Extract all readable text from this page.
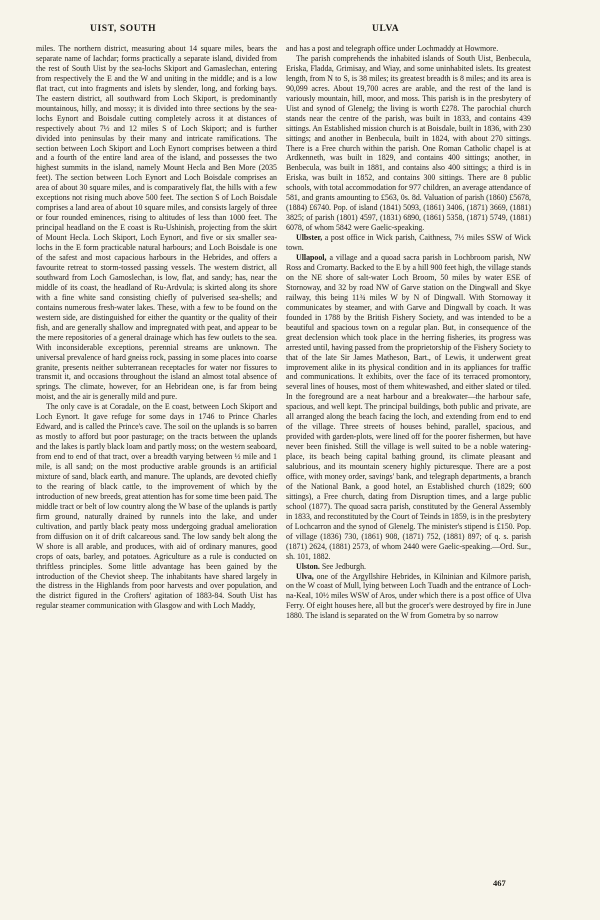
UIST, SOUTH	ULVA

miles. The northern district, measuring about 14 square miles, bears the separate name of Iachdar; forms practically a separate island, divided from the rest of South Uist by the sea-lochs Skiport and Gamaslechan, entering from respectively the E and the W and uniting in the middle; and is a low flat tract, cut into fragments and islets by slender, long, and forking bays. The eastern district, all southward from Loch Skiport, is predominantly mountainous, hilly, and mossy; it is divided into three sections by the sea-lochs Eynort and Boisdale cutting completely across it at distances of respectively about 7½ and 12 miles S of Loch Skiport; and is further divided into peninsulas by their many and intricate ramifications. The section between Loch Skiport and Loch Eynort comprises between a third and a fourth of the entire land area of the island, and possesses the two highest summits in the island, namely Mount Hecla and Ben More (2035 feet). The section between Loch Eynort and Loch Boisdale comprises an area of about 30 square miles, and is comparatively flat, the hills with a few exceptions not rising much above 500 feet. The section S of Loch Boisdale comprises a land area of about 10 square miles, and consists largely of three or four rounded eminences, rising to altitudes of less than 1000 feet. The principal headland on the E coast is Ru-Ushinish, projecting from the skirt of Mount Hecla. Loch Skiport, Loch Eynort, and five or six smaller sea-lochs in the E form practicable natural harbours; and Loch Boisdale is one of the safest and most capacious harbours in the Hebrides, and offers a favourite retreat to storm-tossed passing vessels. The western district, all southward from Loch Gamoslechan, is low, flat, and sandy; has, near the middle of its coast, the headland of Ru-Ardvula; is skirted along its shore with a fine white sand consisting chiefly of pulverised sea-shells; and contains numerous fresh-water lakes. These, with a few to be found on the western side, are distinguished for either the quantity or the quality of their fish, and are generally shallow and impregnated with peat, and appear to be the mere repositories of a general drainage which has few outlets to the sea. With inconsiderable exceptions, perennial streams are unknown. The universal prevalence of hard gneiss rock, passing in some places into coarse granite, presents neither subterranean receptacles for water nor fissures to transmit it, and occasions throughout the island an almost total absence of springs. The climate, however, for an Hebridean one, is far from being moist, and the air is generally mild and pure.

The only cave is at Coradale, on the E coast, between Loch Skiport and Loch Eynort. It gave refuge for some days in 1746 to Prince Charles Edward, and is called the Prince's cave. The soil on the uplands is so barren as mostly to afford but poor pasturage; on the tracts between the uplands and the lakes is partly black loam and partly moss; on the western seaboard, from end to end of that tract, over a breadth varying between ½ mile and 1 mile, is all sand; on the most productive arable grounds is an artificial mixture of sand, black earth, and manure. The uplands, are devoted chiefly to the rearing of black cattle, to the improvement of which by the introduction of new breeds, great attention has for some time been paid. The middle tract or belt of low country along the W base of the uplands is partly firm ground, naturally drained by runnels into the lake, and under cultivation, and partly black peaty moss undergoing gradual amelioration from diffusion on it of drift calcareous sand. The low sandy belt along the W shore is all arable, and produces, with aid of ordinary manures, good crops of oats, barley, and potatoes. Agriculture as a rule is conducted on thriftless principles. Some little advantage has been gained by the introduction of the Cheviot sheep. The inhabitants have shared largely in the distress in the Highlands from poor harvests and over population, and the district figured in the Crofters' agitation of 1883-84. South Uist has regular steamer communication with Glasgow and with Loch Maddy,

and has a post and telegraph office under Lochmaddy at Howmore.

The parish comprehends the inhabited islands of South Uist, Benbecula, Eriska, Fladda, Grimisay, and Wiay, and some uninhabited islets. Its greatest length, from N to S, is 38 miles; its greatest breadth is 8 miles; and its area is 90,099 acres. About 19,700 acres are arable, and the rest of the land is variously mountain, hill, moor, and moss. This parish is in the presbytery of Uist and synod of Glenelg; the living is worth £278. The parochial church stands near the centre of the parish, was built in 1833, and contains 439 sittings. An Established mission church is at Boisdale, built in 1836, with 230 sittings; and another in Benbecula, built in 1824, with about 270 sittings. There is a Free church within the parish. One Roman Catholic chapel is at Ardkenneth, was built in 1829, and contains 400 sittings; another, in Benbecula, was built in 1881, and contains also 400 sittings; a third is in Eriska, was built in 1852, and contains 300 sittings. There are 8 public schools, with total accommodation for 977 children, an average attendance of 581, and grants amounting to £563, 0s. 8d. Valuation of parish (1860) £5678, (1884) £6740. Pop. of island (1841) 5093, (1861) 3406, (1871) 3669, (1881) 3825; of parish (1801) 4597, (1831) 6890, (1861) 5358, (1871) 5749, (1881) 6078, of whom 5842 were Gaelic-speaking.

Ulbster, a post office in Wick parish, Caithness, 7½ miles SSW of Wick town.

Ullapool, a village and a quoad sacra parish in Lochbroom parish, NW Ross and Cromarty. Backed to the E by a hill 900 feet high, the village stands on the NE shore of salt-water Loch Broom, 50 miles by water ESE of Stornoway, and 32 by road NW of Garve station on the Dingwall and Skye railway, this being 11¾ miles W by N of Dingwall. With Stornoway it communicates by steamer, and with Garve and Dingwall by coach. It was founded in 1788 by the British Fishery Society, and was intended to be a beautiful and spacious town on a regular plan. But, in consequence of the great declension which took place in the herring fisheries, its progress was arrested until, having passed from the proprietorship of the Fishery Society to that of the late Sir James Matheson, Bart., of Lewis, it underwent great improvement alike in its physical condition and in its appliances for traffic and communications. It exhibits, over the face of its terraced promontory, several lines of houses, most of them whitewashed, and either slated or tiled. In the foreground are a neat harbour and a breakwater—the harbour safe, spacious, and well kept. The principal buildings, both public and private, are all arranged along the beach facing the loch, and extending from end to end of the village. Three streets of houses behind, parallel, spacious, and provided with garden-plots, were lined off for the poorer fishermen, but have never been finished. Still the village is well suited to be a noble watering-place, its beach being capital bathing ground, its climate pleasant and salubrious, and its mountain scenery highly picturesque. There are a post office, with money order, savings' bank, and telegraph departments, a branch of the National Bank, a good hotel, an Established church (1829; 600 sittings), a Free church, dating from Disruption times, and a large public school (1877). The quoad sacra parish, constituted by the General Assembly in 1833, and reconstituted by the Court of Teinds in 1859, is in the presbytery of Lochcarron and the synod of Glenelg. The minister's stipend is £150. Pop. of village (1836) 730, (1861) 908, (1871) 752, (1881) 897; of q. s. parish (1871) 2624, (1881) 2573, of whom 2440 were Gaelic-speaking.—Ord. Sur., sh. 101, 1882.

Ulston. See Jedburgh.

Ulva, one of the Argyllshire Hebrides, in Kilninian and Kilmore parish, on the W coast of Mull, lying between Loch Tuadh and the entrance of Loch-na-Keal, 10½ miles WSW of Aros, under which there is a post office of Ulva Ferry. Of eight houses here, all but the grocer's were destroyed by fire in June 1880. The island is separated on the W from Gometra by so narrow

467
